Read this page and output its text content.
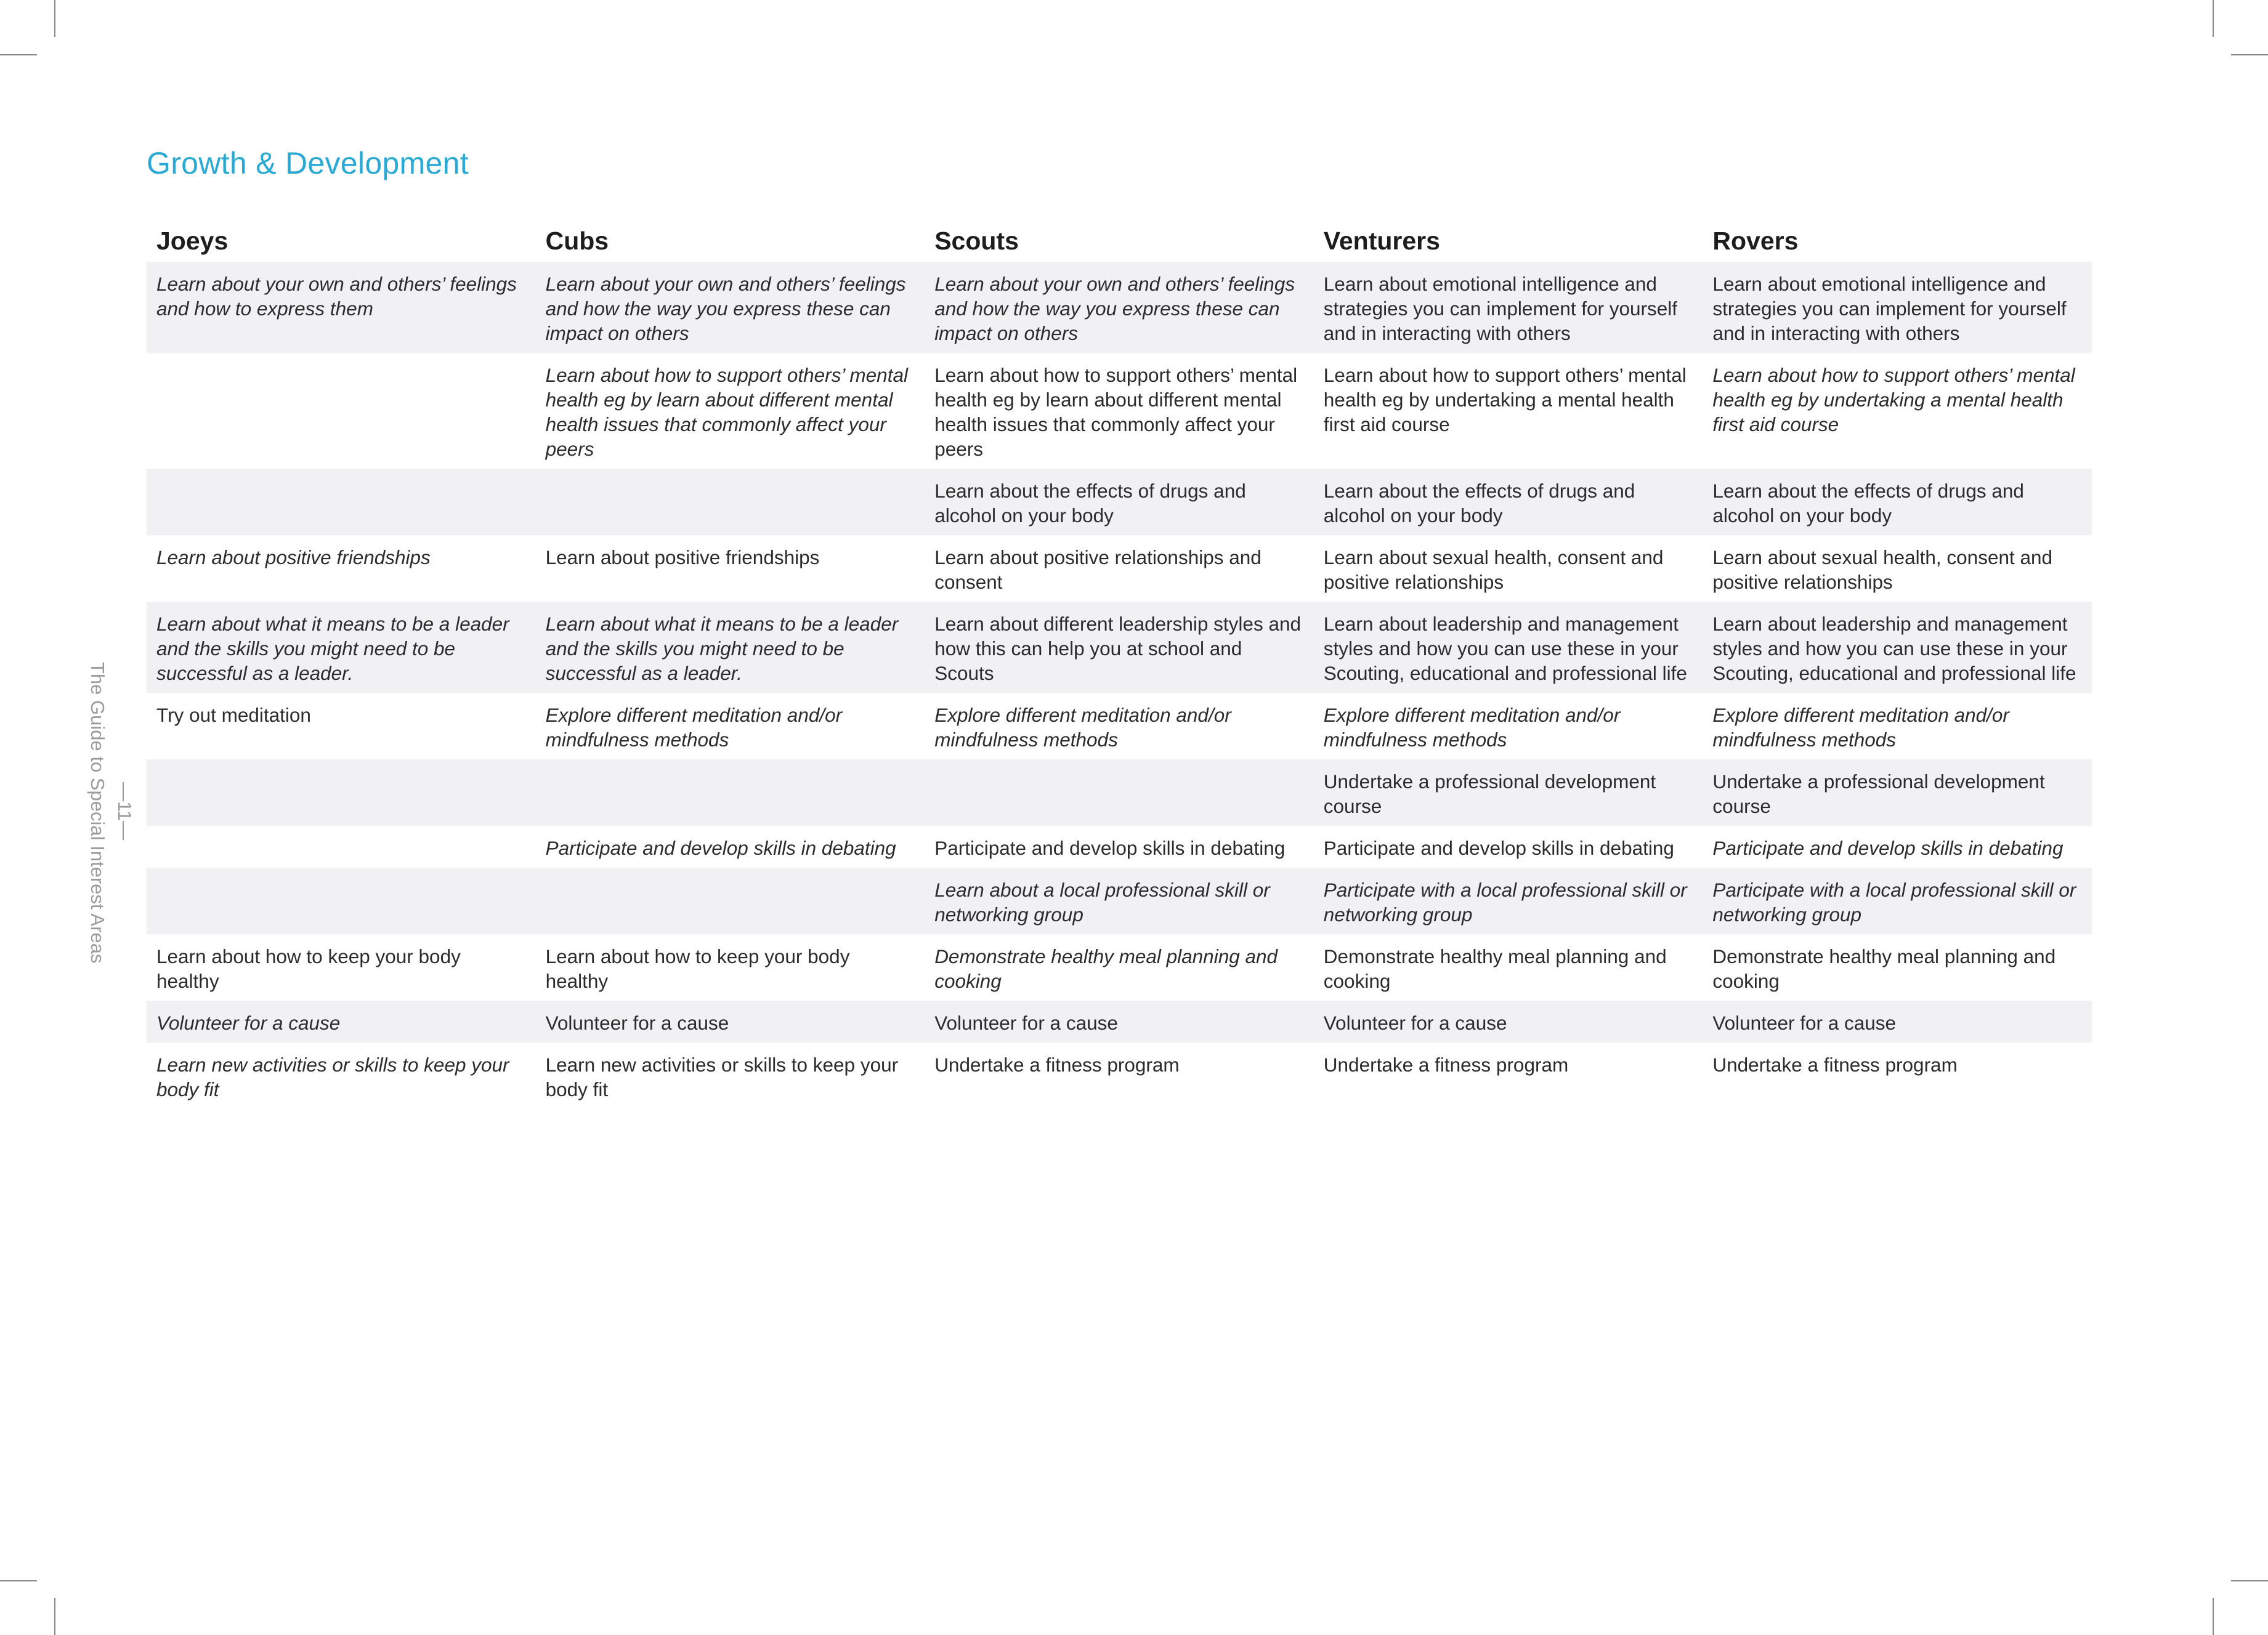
Growth & Development
The Guide to Special Interest Areas —11—
Joeys	Cubs	Scouts	Venturers	Rovers
Learn about your own and others’ feelings and how to express them	Learn about your own and others’ feelings and how the way you express these can impact on others	Learn about your own and others’ feelings and how the way you express these can impact on others	Learn about emotional intelligence and strategies you can implement for yourself and in interacting with others	Learn about emotional intelligence and strategies you can implement for yourself and in interacting with others
	Learn about how to support others’ mental health eg by learn about different mental health issues that commonly affect your peers	Learn about how to support others’ mental health eg by learn about different mental health issues that commonly affect your peers	Learn about how to support others’ mental health eg by undertaking a mental health first aid course	Learn about how to support others’ mental health eg by undertaking a mental health first aid course
		Learn about the effects of drugs and alcohol on your body	Learn about the effects of drugs and alcohol on your body	Learn about the effects of drugs and alcohol on your body
Learn about positive friendships	Learn about positive friendships	Learn about positive relationships and consent	Learn about sexual health, consent and positive relationships	Learn about sexual health, consent and positive relationships
Learn about what it means to be a leader and the skills you might need to be successful as a leader.	Learn about what it means to be a leader and the skills you might need to be successful as a leader.	Learn about different leadership styles and how this can help you at school and Scouts	Learn about leadership and management styles and how you can use these in your Scouting, educational and professional life	Learn about leadership and management styles and how you can use these in your Scouting, educational and professional life
Try out meditation	Explore different meditation and/or mindfulness methods	Explore different meditation and/or mindfulness methods	Explore different meditation and/or mindfulness methods	Explore different meditation and/or mindfulness methods
			Undertake a professional development course	Undertake a professional development course
	Participate and develop skills in debating	Participate and develop skills in debating	Participate and develop skills in debating	Participate and develop skills in debating
		Learn about a local professional skill or networking group	Participate with a local professional skill or networking group	Participate with a local professional skill or networking group
Learn about how to keep your body healthy	Learn about how to keep your body healthy	Demonstrate healthy meal planning and cooking	Demonstrate healthy meal planning and cooking	Demonstrate healthy meal planning and cooking
Volunteer for a cause	Volunteer for a cause	Volunteer for a cause	Volunteer for a cause	Volunteer for a cause
Learn new activities or skills to keep your body fit	Learn new activities or skills to keep your body fit	Undertake a fitness program	Undertake a fitness program	Undertake a fitness program
